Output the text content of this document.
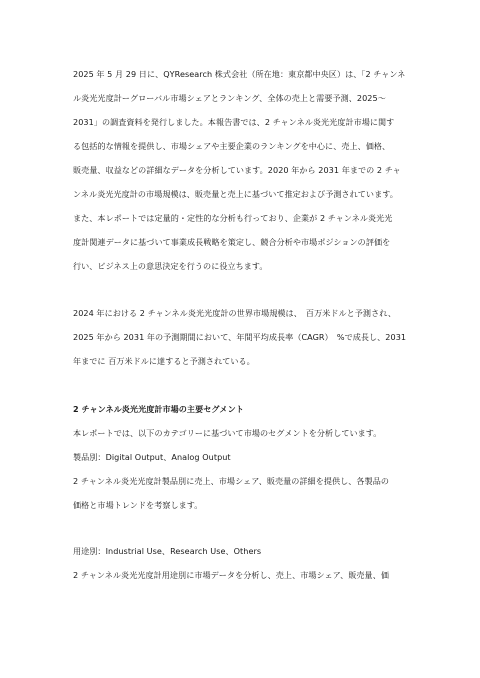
2025 年 5 月 29 日に、QYResearch 株式会社（所在地：東京都中央区）は、「2 チャンネ
ル炎光光度計ーグローバル市場シェアとランキング、全体の売上と需要予測、2025〜
2031」の調査資料を発行しました。本報告書では、2 チャンネル炎光光度計市場に関す
る包括的な情報を提供し、市場シェアや主要企業のランキングを中心に、売上、価格、
販売量、収益などの詳細なデータを分析しています。2020 年から 2031 年までの 2 チャ
ンネル炎光光度計の市場規模は、販売量と売上に基づいて推定および予測されています。
また、本レポートでは定量的・定性的な分析も行っており、企業が 2 チャンネル炎光光
度計関連データに基づいて事業成長戦略を策定し、競合分析や市場ポジションの評価を
行い、ビジネス上の意思決定を行うのに役立ちます。

2024 年における 2 チャンネル炎光光度計の世界市場規模は、　百万米ドルと予測され、
2025 年から 2031 年の予測期間において、年間平均成長率（CAGR）　%で成長し、2031
年までに 百万米ドルに達すると予測されている。

2 チャンネル炎光光度計市場の主要セグメント

本レポートでは、以下のカテゴリーに基づいて市場のセグメントを分析しています。
製品別：Digital Output、Analog Output
2 チャンネル炎光光度計製品別に売上、市場シェア、販売量の詳細を提供し、各製品の
価格と市場トレンドを考察します。

用途別：Industrial Use、Research Use、Others
2 チャンネル炎光光度計用途別に市場データを分析し、売上、市場シェア、販売量、価
